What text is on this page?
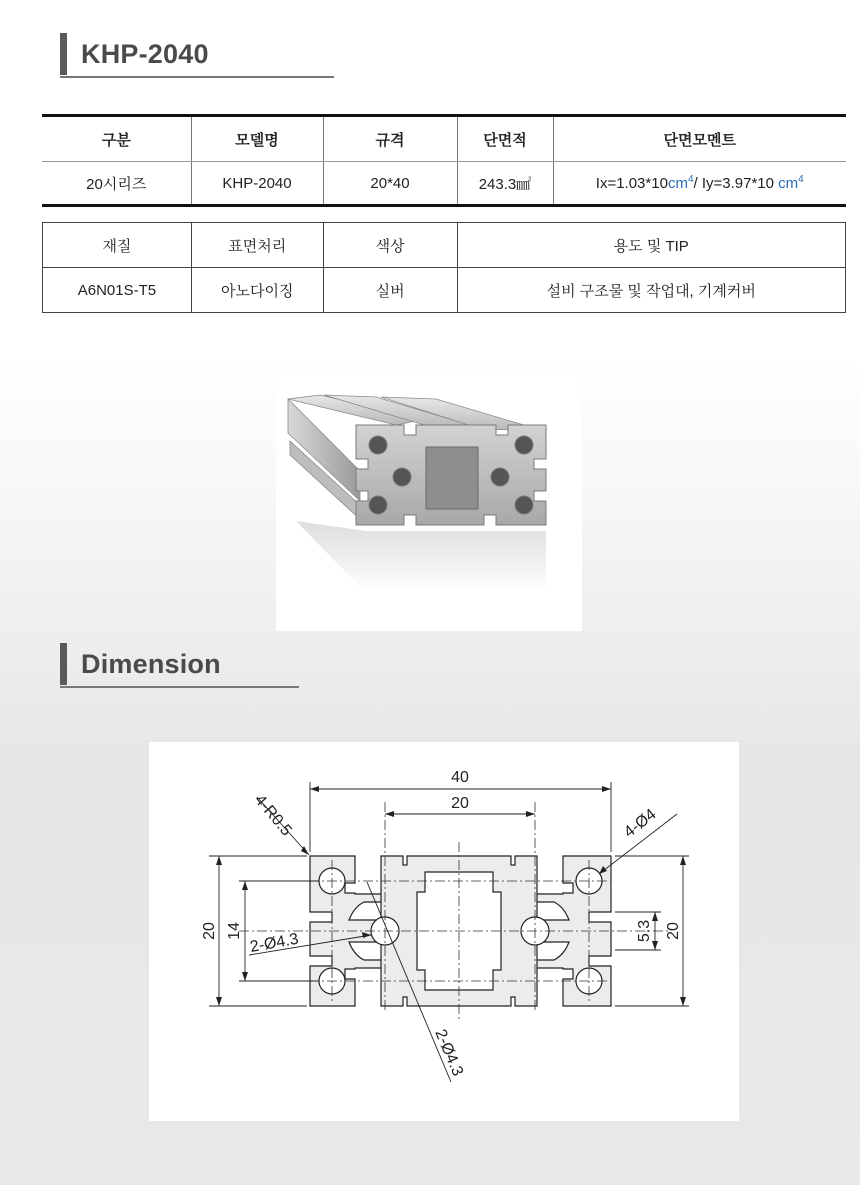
KHP-2040
구분	모델명	규격	단면적	단면모멘트
20시리즈	KHP-2040	20*40	243.3㎟	$Ix=1.03*10cm^4/$ Iy=3.97*10 $cm^4$
재질	표면처리	색상	용도 및 TIP
A6N01S-T5	아노다이징	실버	설비 구조물 및 작업대, 기계커버
Dimension
40
20
20 14	20
5.3
4-R0.5	4-Ø4
2-Ø4.3
2-Ø4.3
